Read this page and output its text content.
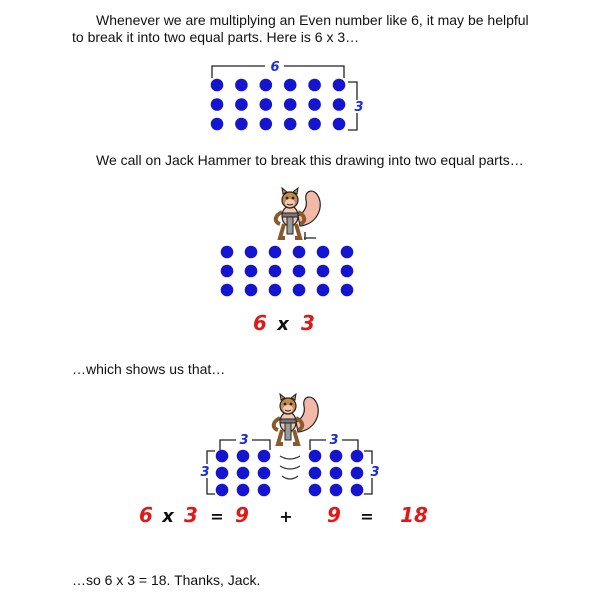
Whenever we are multiplying an Even number like 6, it may be helpful to break it into two equal parts. Here is 6 x 3…

We call on Jack Hammer to break this drawing into two equal parts…

…which shows us that…

…so 6 x 3 = 18. Thanks, Jack.

6
3
6 x 3
3
3
3
3
6 x 3 = 9 + 9 = 18
